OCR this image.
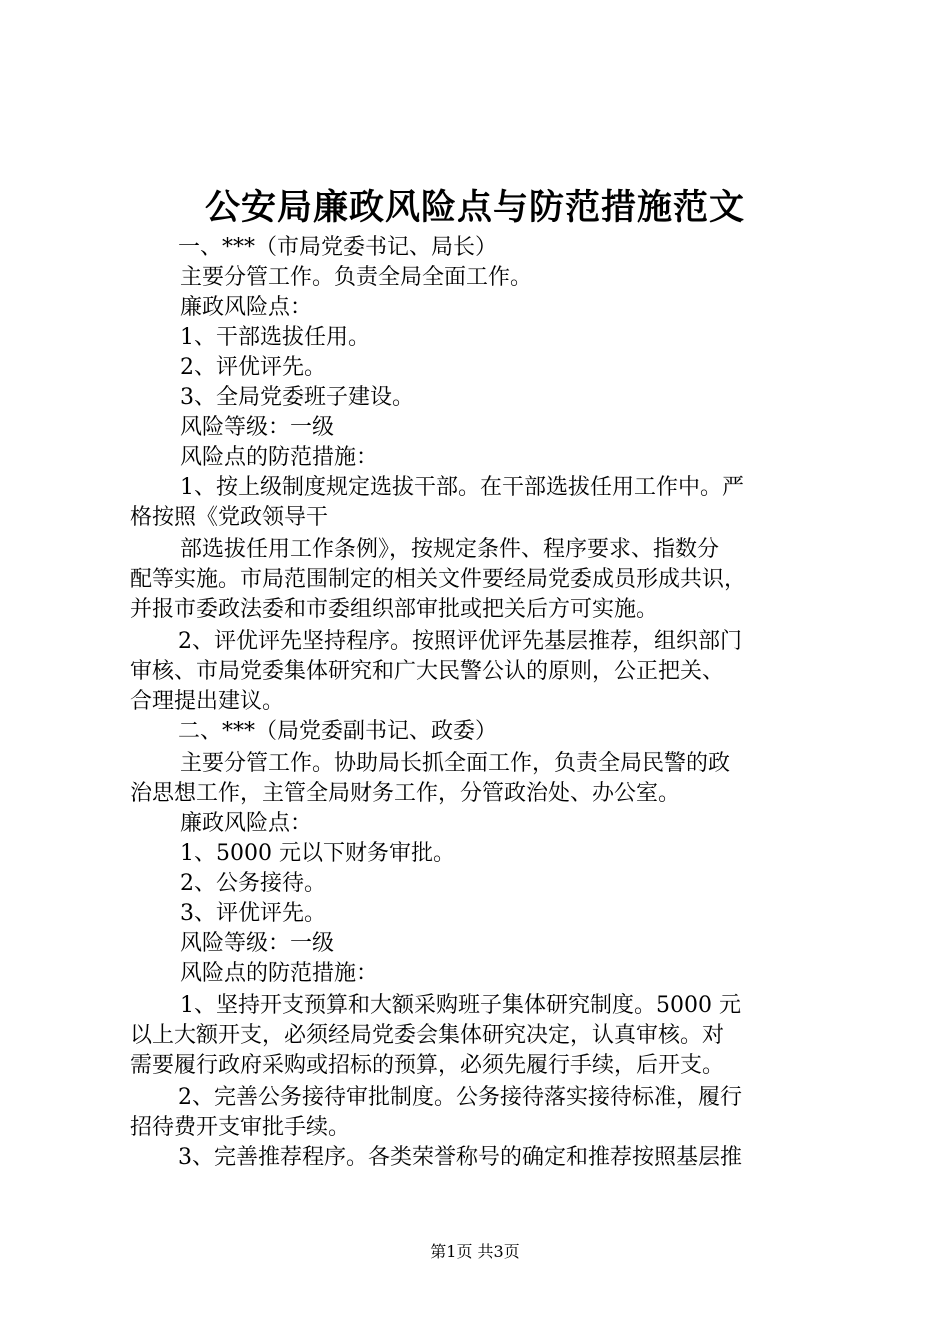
公安局廉政风险点与防范措施范文

一、***（市局党委书记、局长）

主要分管工作。负责全局全面工作。

廉政风险点：

1、干部选拔任用。

2、评优评先。

3、全局党委班子建设。

风险等级：一级

风险点的防范措施：

1、按上级制度规定选拔干部。在干部选拔任用工作中。严

格按照《党政领导干

部选拔任用工作条例》，按规定条件、程序要求、指数分

配等实施。市局范围制定的相关文件要经局党委成员形成共识，

并报市委政法委和市委组织部审批或把关后方可实施。

2、评优评先坚持程序。按照评优评先基层推荐，组织部门

审核、市局党委集体研究和广大民警公认的原则，公正把关、

合理提出建议。

二、***（局党委副书记、政委）

主要分管工作。协助局长抓全面工作，负责全局民警的政

治思想工作，主管全局财务工作，分管政治处、办公室。

廉政风险点：

1、5000 元以下财务审批。

2、公务接待。

3、评优评先。

风险等级：一级

风险点的防范措施：

1、坚持开支预算和大额采购班子集体研究制度。5000 元

以上大额开支，必须经局党委会集体研究决定，认真审核。对

需要履行政府采购或招标的预算，必须先履行手续，后开支。

2、完善公务接待审批制度。公务接待落实接待标准，履行

招待费开支审批手续。

3、完善推荐程序。各类荣誉称号的确定和推荐按照基层推

第1页 共3页
